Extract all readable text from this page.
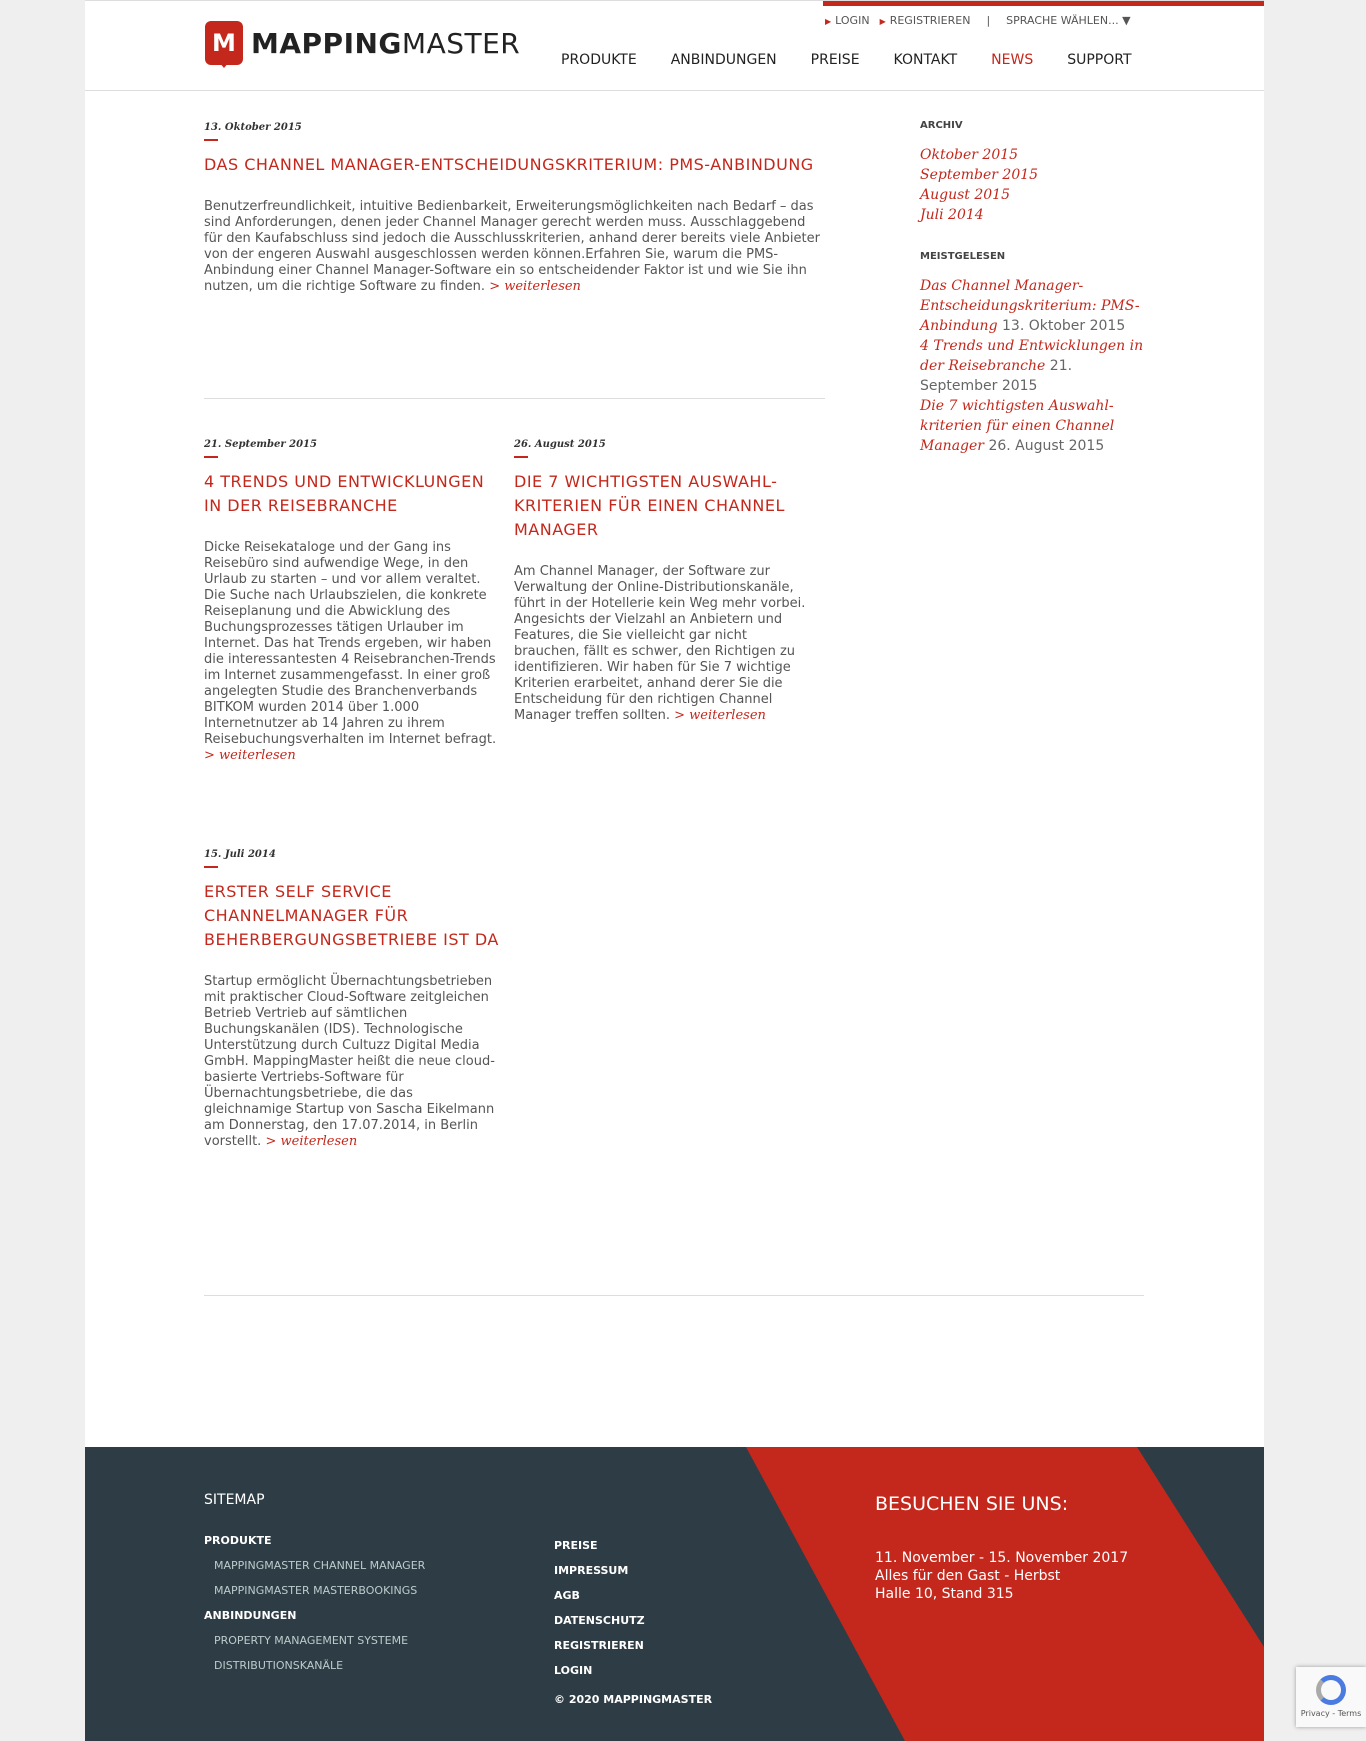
M MAPPINGMASTER
▶ LOGIN ▶ REGISTRIEREN | SPRACHE WÄHLEN... ▼
PRODUKTE ANBINDUNGEN PREISE KONTAKT NEWS SUPPORT
13. Oktober 2015
DAS CHANNEL MANAGER-ENTSCHEIDUNGSKRITERIUM: PMS-ANBINDUNG
Benutzerfreundlichkeit, intuitive Bedienbarkeit, Erweiterungsmöglichkeiten nach Bedarf – das sind Anforderungen, denen jeder Channel Manager gerecht werden muss. Ausschlaggebend für den Kaufabschluss sind jedoch die Ausschlusskriterien, anhand derer bereits viele Anbieter von der engeren Auswahl ausgeschlossen werden können.Erfahren Sie, warum die PMS-Anbindung einer Channel Manager-Software ein so entscheidender Faktor ist und wie Sie ihn nutzen, um die richtige Software zu finden. > weiterlesen
21. September 2015
4 TRENDS UND ENTWICKLUNGEN IN DER REISEBRANCHE
Dicke Reisekataloge und der Gang ins Reisebüro sind aufwendige Wege, in den Urlaub zu starten – und vor allem veraltet. Die Suche nach Urlaubszielen, die konkrete Reiseplanung und die Abwicklung des Buchungsprozesses tätigen Urlauber im Internet. Das hat Trends ergeben, wir haben die interessantesten 4 Reisebranchen-Trends im Internet zusammengefasst. In einer groß angelegten Studie des Branchenverbands BITKOM wurden 2014 über 1.000 Internetnutzer ab 14 Jahren zu ihrem Reisebuchungsverhalten im Internet befragt. > weiterlesen
26. August 2015
DIE 7 WICHTIGSTEN AUSWAHL-KRITERIEN FÜR EINEN CHANNEL MANAGER
Am Channel Manager, der Software zur Verwaltung der Online-Distributionskanäle, führt in der Hotellerie kein Weg mehr vorbei. Angesichts der Vielzahl an Anbietern und Features, die Sie vielleicht gar nicht brauchen, fällt es schwer, den Richtigen zu identifizieren. Wir haben für Sie 7 wichtige Kriterien erarbeitet, anhand derer Sie die Entscheidung für den richtigen Channel Manager treffen sollten. > weiterlesen
15. Juli 2014
ERSTER SELF SERVICE CHANNELMANAGER FÜR BEHERBERGUNGSBETRIEBE IST DA
Startup ermöglicht Übernachtungsbetrieben mit praktischer Cloud-Software zeitgleichen Betrieb Vertrieb auf sämtlichen Buchungskanälen (IDS). Technologische Unterstützung durch Cultuzz Digital Media GmbH. MappingMaster heißt die neue cloud-basierte Vertriebs-Software für Übernachtungsbetriebe, die das gleichnamige Startup von Sascha Eikelmann am Donnerstag, den 17.07.2014, in Berlin vorstellt. > weiterlesen
ARCHIV
Oktober 2015
September 2015
August 2015
Juli 2014
MEISTGELESEN
Das Channel Manager-Entscheidungskriterium: PMS-Anbindung 13. Oktober 2015
4 Trends und Entwicklungen in der Reisebranche 21. September 2015
Die 7 wichtigsten Auswahl-kriterien für einen Channel Manager 26. August 2015
SITEMAP
PRODUKTE
MAPPINGMASTER CHANNEL MANAGER
MAPPINGMASTER MASTERBOOKINGS
ANBINDUNGEN
PROPERTY MANAGEMENT SYSTEME
DISTRIBUTIONSKANÄLE
PREISE
IMPRESSUM
AGB
DATENSCHUTZ
REGISTRIEREN
LOGIN
© 2020 MAPPINGMASTER
BESUCHEN SIE UNS:
11. November - 15. November 2017
Alles für den Gast - Herbst
Halle 10, Stand 315
Privacy - Terms
